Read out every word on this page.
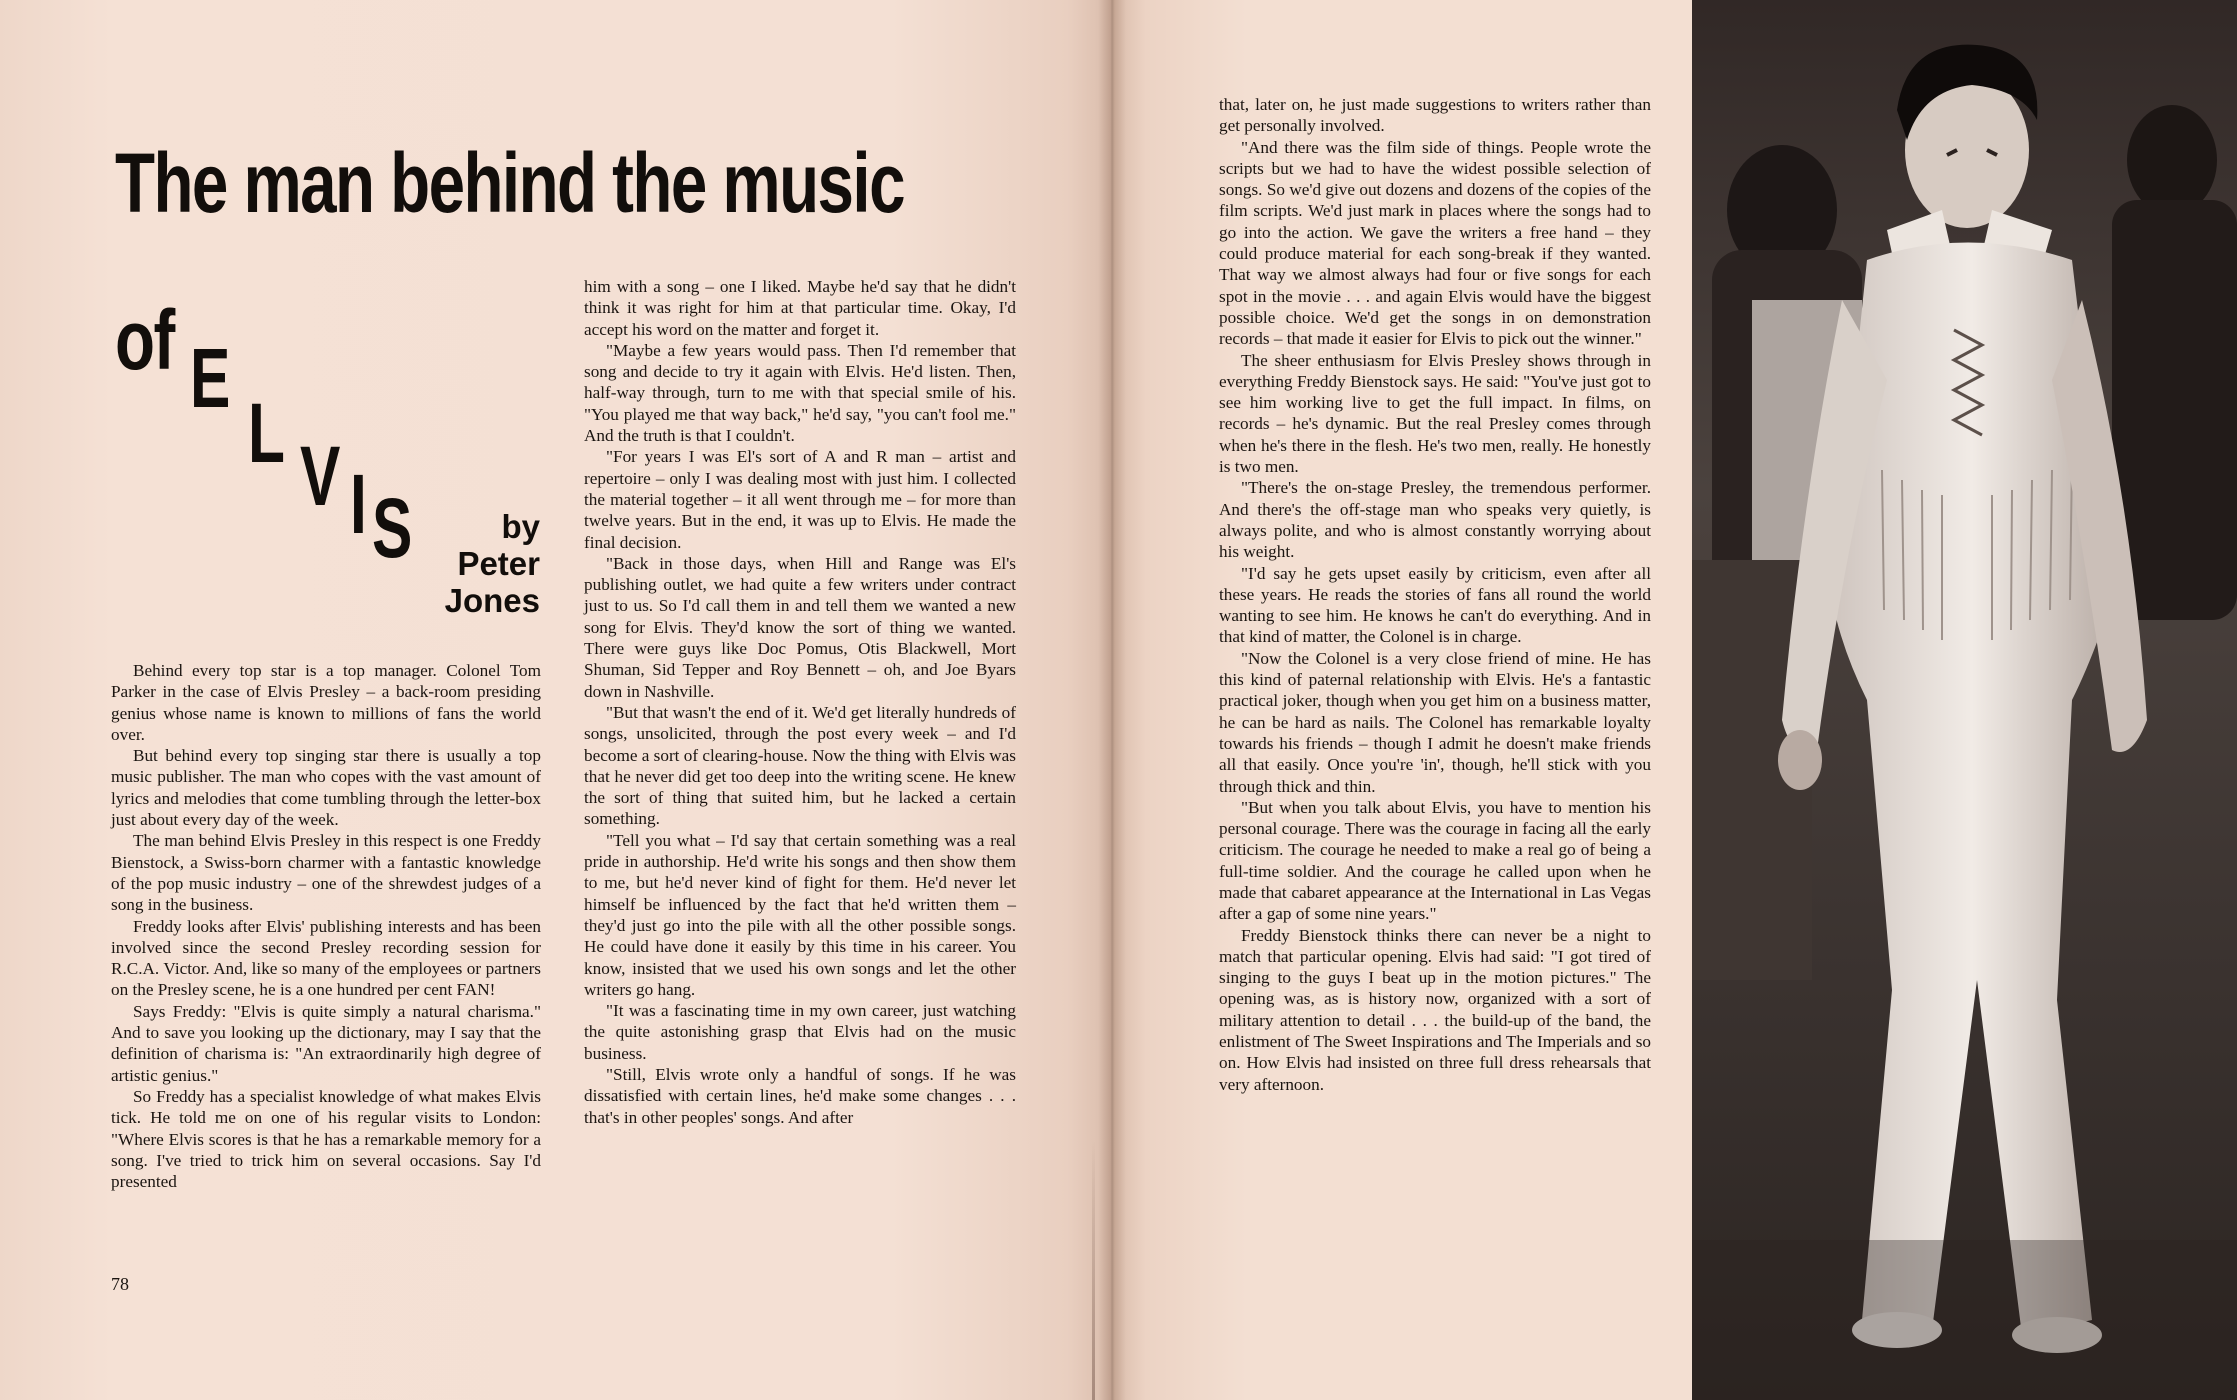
The man behind the music
of E
L V I S	by
Peter
Jones

Behind every top star is a top manager. Colonel Tom Parker in the case of Elvis Presley – a back-room presiding genius whose name is known to millions of fans the world over.

But behind every top singing star there is usually a top music publisher. The man who copes with the vast amount of lyrics and melodies that come tumbling through the letter-box just about every day of the week.

The man behind Elvis Presley in this respect is one Freddy Bienstock, a Swiss-born charmer with a fantastic knowledge of the pop music industry – one of the shrewdest judges of a song in the business.

Freddy looks after Elvis' publishing interests and has been involved since the second Presley recording session for R.C.A. Victor. And, like so many of the employees or partners on the Presley scene, he is a one hundred per cent FAN!

Says Freddy: "Elvis is quite simply a natural charisma." And to save you looking up the dictionary, may I say that the definition of charisma is: "An extraordinarily high degree of artistic genius."

So Freddy has a specialist knowledge of what makes Elvis tick. He told me on one of his regular visits to London: "Where Elvis scores is that he has a remarkable memory for a song. I've tried to trick him on several occasions. Say I'd presented

him with a song – one I liked. Maybe he'd say that he didn't think it was right for him at that particular time. Okay, I'd accept his word on the matter and forget it.

"Maybe a few years would pass. Then I'd remember that song and decide to try it again with Elvis. He'd listen. Then, half-way through, turn to me with that special smile of his. "You played me that way back," he'd say, "you can't fool me." And the truth is that I couldn't.

"For years I was El's sort of A and R man – artist and repertoire – only I was dealing most with just him. I collected the material together – it all went through me – for more than twelve years. But in the end, it was up to Elvis. He made the final decision.

"Back in those days, when Hill and Range was El's publishing outlet, we had quite a few writers under contract just to us. So I'd call them in and tell them we wanted a new song for Elvis. They'd know the sort of thing we wanted. There were guys like Doc Pomus, Otis Blackwell, Mort Shuman, Sid Tepper and Roy Bennett – oh, and Joe Byars down in Nashville.

"But that wasn't the end of it. We'd get literally hundreds of songs, unsolicited, through the post every week – and I'd become a sort of clearing-house. Now the thing with Elvis was that he never did get too deep into the writing scene. He knew the sort of thing that suited him, but he lacked a certain something.

"Tell you what – I'd say that certain something was a real pride in authorship. He'd write his songs and then show them to me, but he'd never kind of fight for them. He'd never let himself be influenced by the fact that he'd written them – they'd just go into the pile with all the other possible songs. He could have done it easily by this time in his career. You know, insisted that we used his own songs and let the other writers go hang.

"It was a fascinating time in my own career, just watching the quite astonishing grasp that Elvis had on the music business.

"Still, Elvis wrote only a handful of songs. If he was dissatisfied with certain lines, he'd make some changes . . . that's in other peoples' songs. And after

that, later on, he just made suggestions to writers rather than get personally involved.

"And there was the film side of things. People wrote the scripts but we had to have the widest possible selection of songs. So we'd give out dozens and dozens of the copies of the film scripts. We'd just mark in places where the songs had to go into the action. We gave the writers a free hand – they could produce material for each song-break if they wanted. That way we almost always had four or five songs for each spot in the movie . . . and again Elvis would have the biggest possible choice. We'd get the songs in on demonstration records – that made it easier for Elvis to pick out the winner."

The sheer enthusiasm for Elvis Presley shows through in everything Freddy Bienstock says. He said: "You've just got to see him working live to get the full impact. In films, on records – he's dynamic. But the real Presley comes through when he's there in the flesh. He's two men, really. He honestly is two men.

"There's the on-stage Presley, the tremendous performer. And there's the off-stage man who speaks very quietly, is always polite, and who is almost constantly worrying about his weight.

"I'd say he gets upset easily by criticism, even after all these years. He reads the stories of fans all round the world wanting to see him. He knows he can't do everything. And in that kind of matter, the Colonel is in charge.

"Now the Colonel is a very close friend of mine. He has this kind of paternal relationship with Elvis. He's a fantastic practical joker, though when you get him on a business matter, he can be hard as nails. The Colonel has remarkable loyalty towards his friends – though I admit he doesn't make friends all that easily. Once you're 'in', though, he'll stick with you through thick and thin.

"But when you talk about Elvis, you have to mention his personal courage. There was the courage in facing all the early criticism. The courage he needed to make a real go of being a full-time soldier. And the courage he called upon when he made that cabaret appearance at the International in Las Vegas after a gap of some nine years."

Freddy Bienstock thinks there can never be a night to match that particular opening. Elvis had said: "I got tired of singing to the guys I beat up in the motion pictures." The opening was, as is history now, organized with a sort of military attention to detail . . . the build-up of the band, the enlistment of The Sweet Inspirations and The Imperials and so on. How Elvis had insisted on three full dress rehearsals that very afternoon.

78
